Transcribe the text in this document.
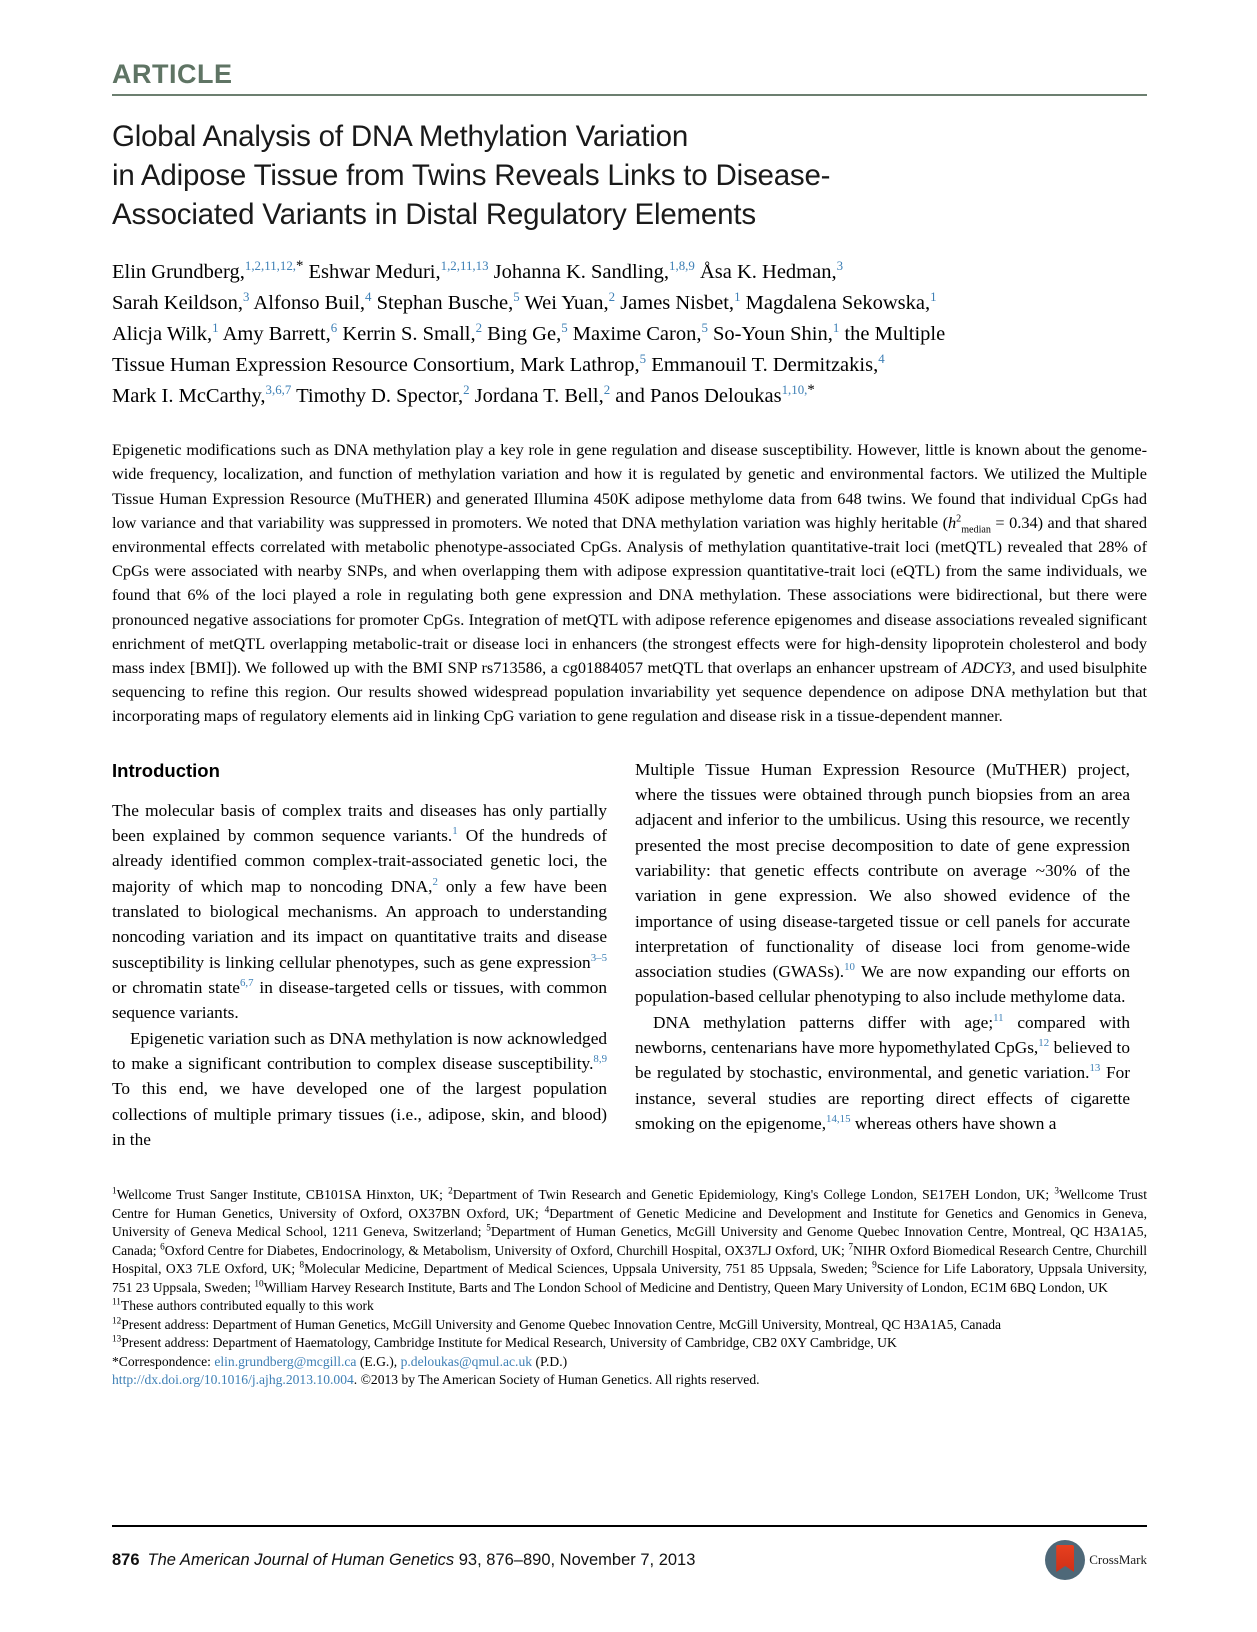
ARTICLE
Global Analysis of DNA Methylation Variation
in Adipose Tissue from Twins Reveals Links to Disease-
Associated Variants in Distal Regulatory Elements
Elin Grundberg,$^{1,2,11,12,*}$ Eshwar Meduri,$^{1,2,11,13}$ Johanna K. Sandling,$^{1,8,9}$ Åsa K. Hedman,$^3$
Sarah Keildson,$^3$ Alfonso Buil,$^4$ Stephan Busche,$^5$ Wei Yuan,$^2$ James Nisbet,$^1$ Magdalena Sekowska,$^1$
Alicja Wilk,$^1$ Amy Barrett,$^6$ Kerrin S. Small,$^2$ Bing Ge,$^5$ Maxime Caron,$^5$ So-Youn Shin,$^1$ the Multiple
Tissue Human Expression Resource Consortium, Mark Lathrop,$^5$ Emmanouil T. Dermitzakis,$^4$
Mark I. McCarthy,$^{3,6,7}$ Timothy D. Spector,$^2$ Jordana T. Bell,$^2$ and Panos Deloukas$^{1,10,*}$
Epigenetic modifications such as DNA methylation play a key role in gene regulation and disease susceptibility. However, little is known about the genome-wide frequency, localization, and function of methylation variation and how it is regulated by genetic and environmental factors. We utilized the Multiple Tissue Human Expression Resource (MuTHER) and generated Illumina 450K adipose methylome data from 648 twins. We found that individual CpGs had low variance and that variability was suppressed in promoters. We noted that DNA methylation variation was highly heritable $(h^2_{median} = 0.34)$ and that shared environmental effects correlated with metabolic phenotype-associated CpGs. Analysis of methylation quantitative-trait loci (metQTL) revealed that 28% of CpGs were associated with nearby SNPs, and when overlapping them with adipose expression quantitative-trait loci (eQTL) from the same individuals, we found that 6% of the loci played a role in regulating both gene expression and DNA methylation. These associations were bidirectional, but there were pronounced negative associations for promoter CpGs. Integration of metQTL with adipose reference epigenomes and disease associations revealed significant enrichment of metQTL overlapping metabolic-trait or disease loci in enhancers (the strongest effects were for high-density lipoprotein cholesterol and body mass index [BMI]). We followed up with the BMI SNP rs713586, a cg01884057 metQTL that overlaps an enhancer upstream of ADCY3, and used bisulphite sequencing to refine this region. Our results showed widespread population invariability yet sequence dependence on adipose DNA methylation but that incorporating maps of regulatory elements aid in linking CpG variation to gene regulation and disease risk in a tissue-dependent manner.
Introduction

The molecular basis of complex traits and diseases has only partially been explained by common sequence variants.$^1$ Of the hundreds of already identified common complex-trait-associated genetic loci, the majority of which map to noncoding DNA,$^2$ only a few have been translated to biological mechanisms. An approach to understanding noncoding variation and its impact on quantitative traits and disease susceptibility is linking cellular phenotypes, such as gene expression$^{3-5}$ or chromatin state$^{6,7}$ in disease-targeted cells or tissues, with common sequence variants.

Epigenetic variation such as DNA methylation is now acknowledged to make a significant contribution to complex disease susceptibility.$^{8,9}$ To this end, we have developed one of the largest population collections of multiple primary tissues (i.e., adipose, skin, and blood) in the

Multiple Tissue Human Expression Resource (MuTHER) project, where the tissues were obtained through punch biopsies from an area adjacent and inferior to the umbilicus. Using this resource, we recently presented the most precise decomposition to date of gene expression variability: that genetic effects contribute on average ~30% of the variation in gene expression. We also showed evidence of the importance of using disease-targeted tissue or cell panels for accurate interpretation of functionality of disease loci from genome-wide association studies (GWASs).$^{10}$ We are now expanding our efforts on population-based cellular phenotyping to also include methylome data.

DNA methylation patterns differ with age;$^{11}$ compared with newborns, centenarians have more hypomethylated CpGs,$^{12}$ believed to be regulated by stochastic, environmental, and genetic variation.$^{13}$ For instance, several studies are reporting direct effects of cigarette smoking on the epigenome,$^{14,15}$ whereas others have shown a

$^1$Wellcome Trust Sanger Institute, CB101SA Hinxton, UK; $^2$Department of Twin Research and Genetic Epidemiology, King's College London, SE17EH London, UK; $^3$Wellcome Trust Centre for Human Genetics, University of Oxford, OX37BN Oxford, UK; $^4$Department of Genetic Medicine and Development and Institute for Genetics and Genomics in Geneva, University of Geneva Medical School, 1211 Geneva, Switzerland; $^5$Department of Human Genetics, McGill University and Genome Quebec Innovation Centre, Montreal, QC H3A1A5, Canada; $^6$Oxford Centre for Diabetes, Endocrinology, & Metabolism, University of Oxford, Churchill Hospital, OX37LJ Oxford, UK; $^7$NIHR Oxford Biomedical Research Centre, Churchill Hospital, OX3 7LE Oxford, UK; $^8$Molecular Medicine, Department of Medical Sciences, Uppsala University, 751 85 Uppsala, Sweden; $^9$Science for Life Laboratory, Uppsala University, 751 23 Uppsala, Sweden; $^{10}$William Harvey Research Institute, Barts and The London School of Medicine and Dentistry, Queen Mary University of London, EC1M 6BQ London, UK

$^{11}$These authors contributed equally to this work

$^{12}$Present address: Department of Human Genetics, McGill University and Genome Quebec Innovation Centre, McGill University, Montreal, QC H3A1A5, Canada

$^{13}$Present address: Department of Haematology, Cambridge Institute for Medical Research, University of Cambridge, CB2 0XY Cambridge, UK

*Correspondence: elin.grundberg@mcgill.ca (E.G.), p.deloukas@qmul.ac.uk (P.D.)

http://dx.doi.org/10.1016/j.ajhg.2013.10.004. ©2013 by The American Society of Human Genetics. All rights reserved.

876 The American Journal of Human Genetics 93, 876–890, November 7, 2013	CrossMark
